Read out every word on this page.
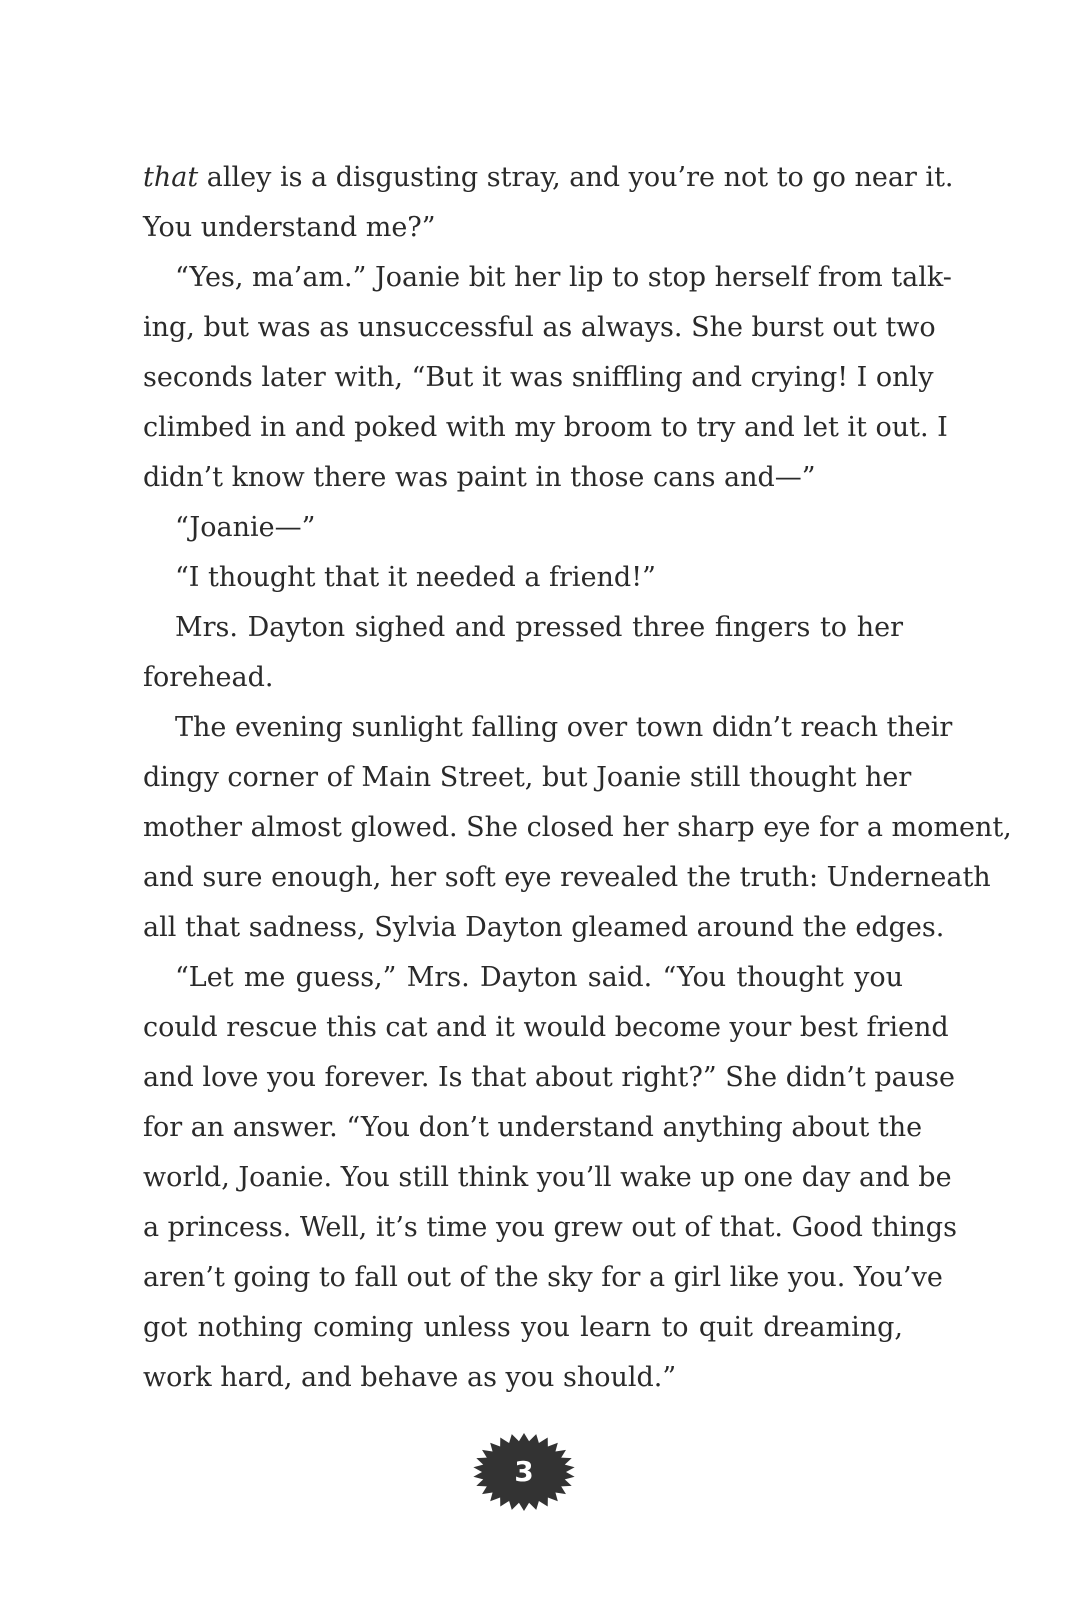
that alley is a disgusting stray, and you’re not to go near it.
You understand me?”
“Yes, ma’am.” Joanie bit her lip to stop herself from talk-
ing, but was as unsuccessful as always. She burst out two
seconds later with, “But it was sniffling and crying! I only
climbed in and poked with my broom to try and let it out. I
didn’t know there was paint in those cans and—”
“Joanie—”
“I thought that it needed a friend!”
Mrs. Dayton sighed and pressed three fingers to her
forehead.
The evening sunlight falling over town didn’t reach their
dingy corner of Main Street, but Joanie still thought her
mother almost glowed. She closed her sharp eye for a moment,
and sure enough, her soft eye revealed the truth: Underneath
all that sadness, Sylvia Dayton gleamed around the edges.
“Let me guess,” Mrs. Dayton said. “You thought you
could rescue this cat and it would become your best friend
and love you forever. Is that about right?” She didn’t pause
for an answer. “You don’t understand anything about the
world, Joanie. You still think you’ll wake up one day and be
a princess. Well, it’s time you grew out of that. Good things
aren’t going to fall out of the sky for a girl like you. You’ve
got nothing coming unless you learn to quit dreaming,
work hard, and behave as you should.”
3
